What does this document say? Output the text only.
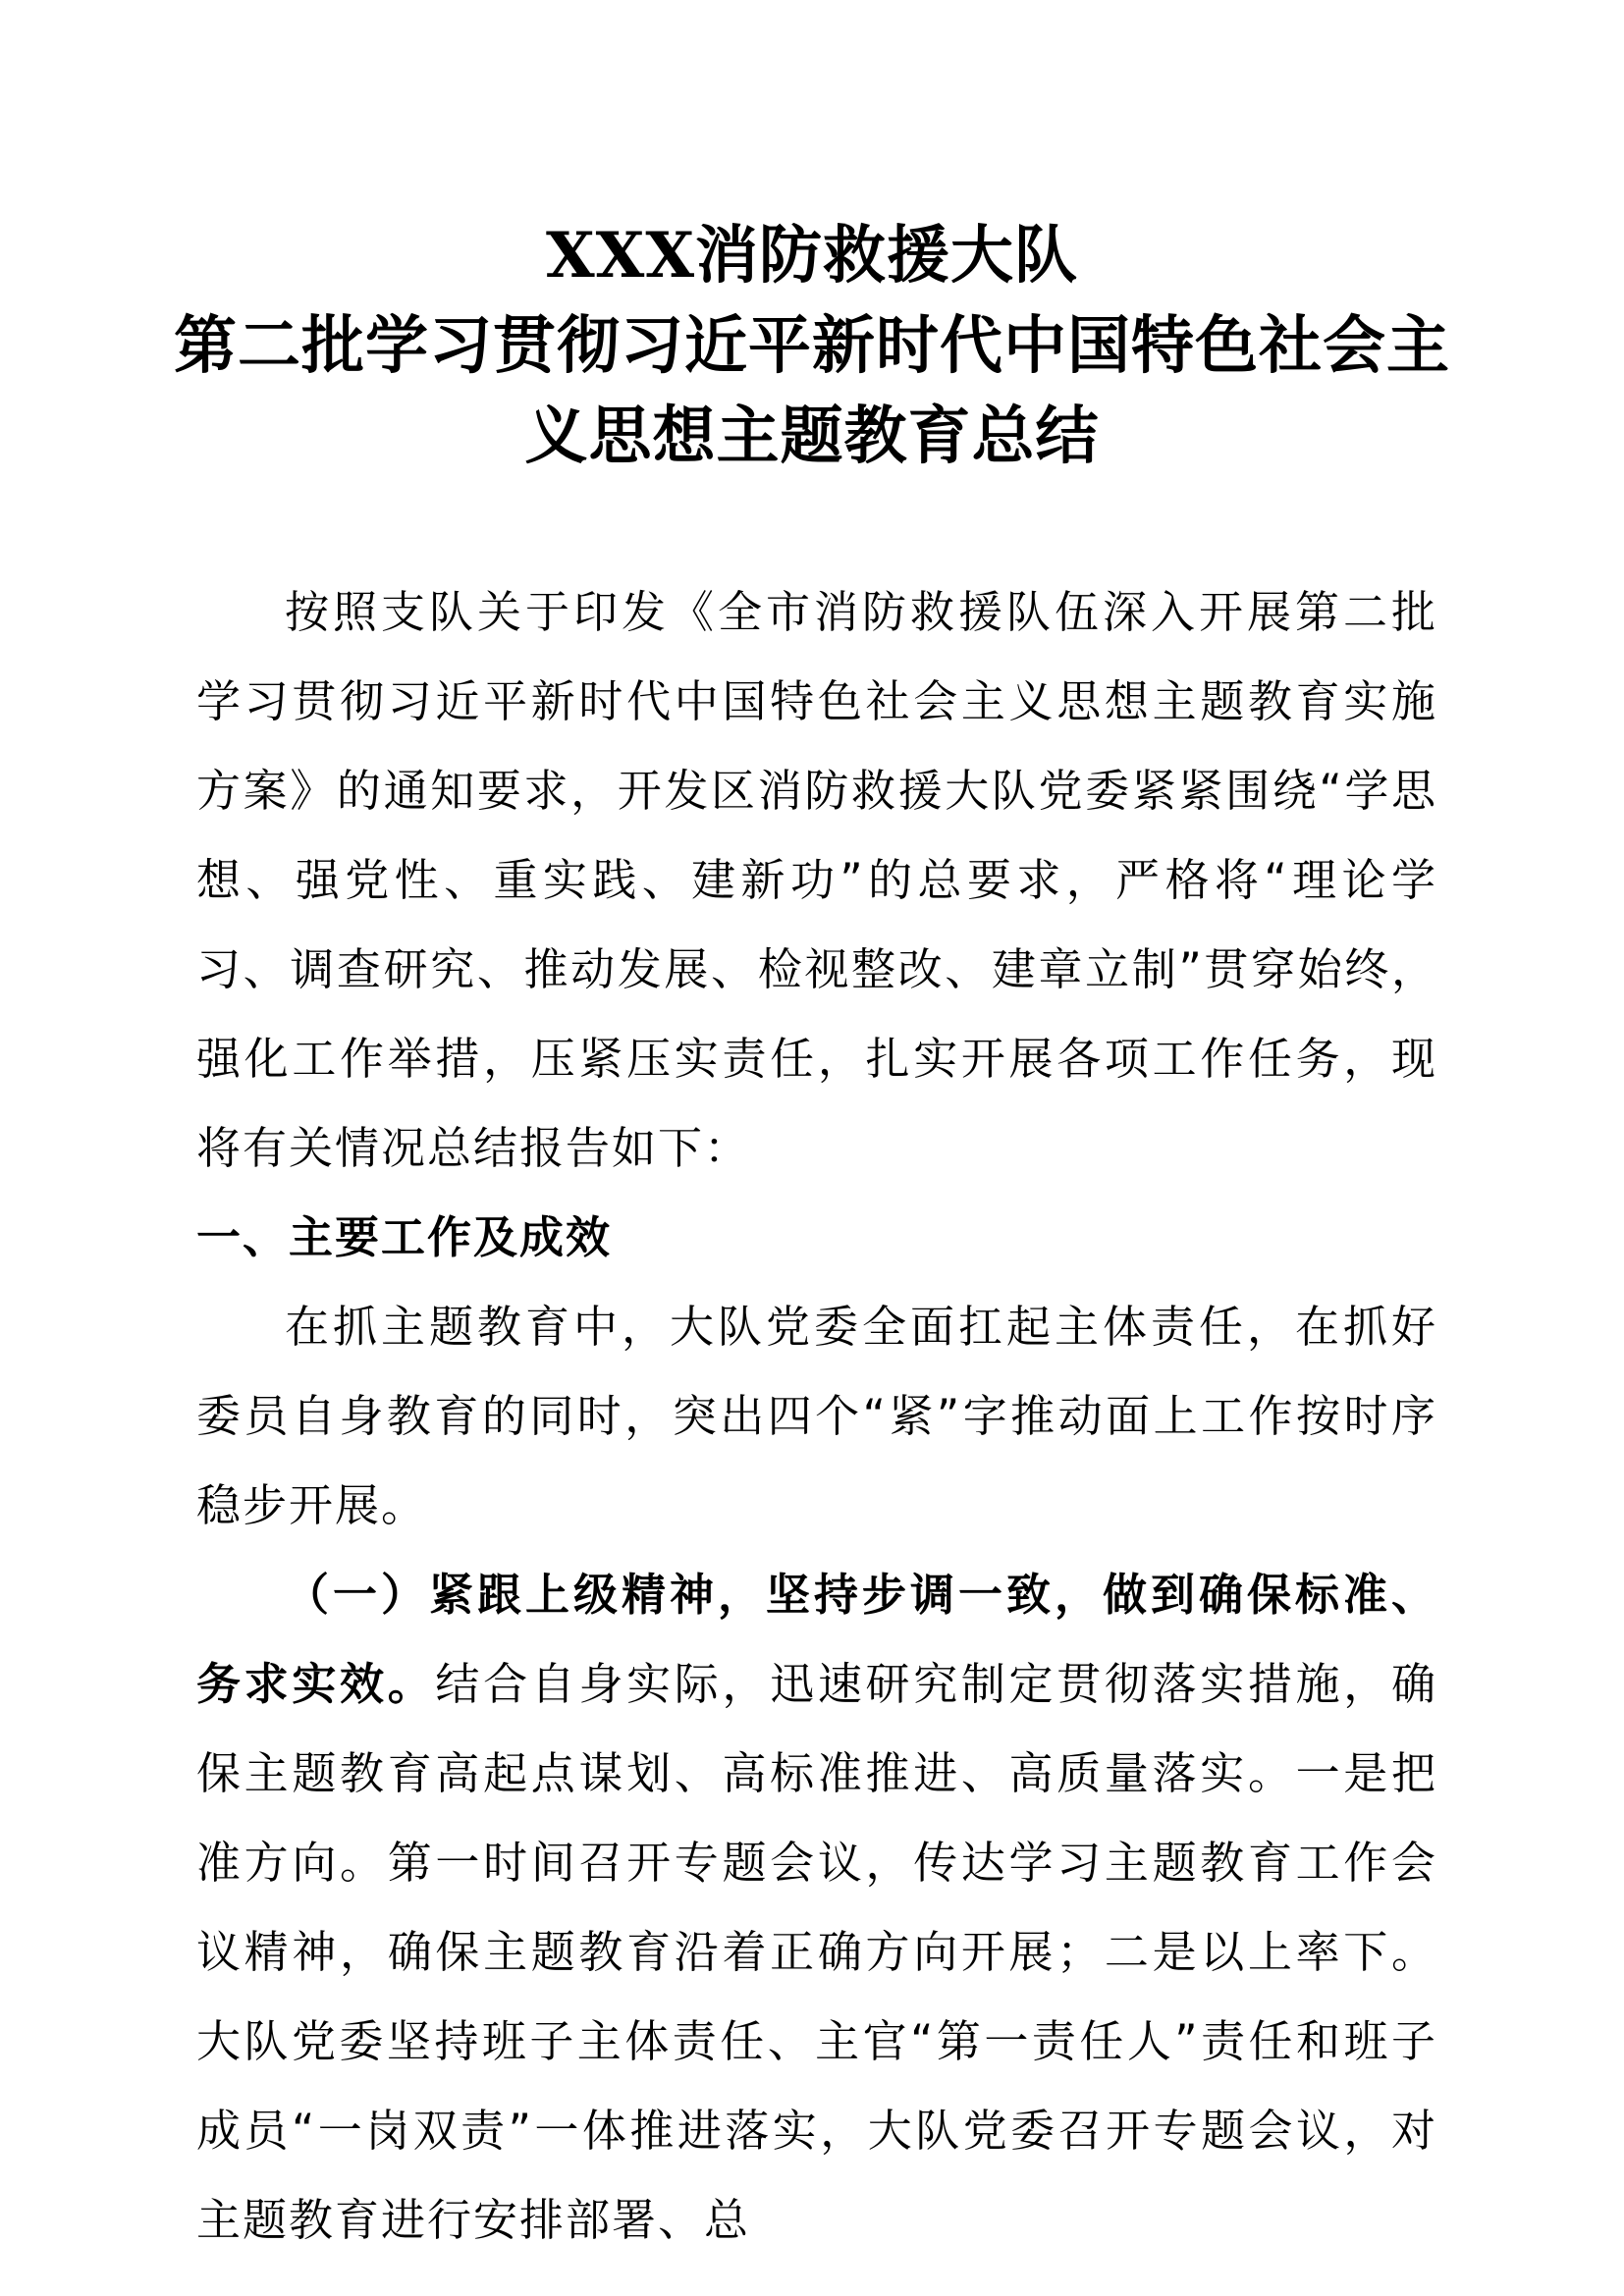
XXX消防救援大队
第二批学习贯彻习近平新时代中国特色社会主
义思想主题教育总结

按照支队关于印发《全市消防救援队伍深入开展第二批学习贯彻习近平新时代中国特色社会主义思想主题教育实施方案》的通知要求，开发区消防救援大队党委紧紧围绕“学思想、强党性、重实践、建新功”的总要求，严格将“理论学习、调查研究、推动发展、检视整改、建章立制”贯穿始终，强化工作举措，压紧压实责任，扎实开展各项工作任务，现将有关情况总结报告如下：

一、主要工作及成效

在抓主题教育中，大队党委全面扛起主体责任，在抓好委员自身教育的同时，突出四个“紧”字推动面上工作按时序稳步开展。

（一）紧跟上级精神，坚持步调一致，做到确保标准、务求实效。结合自身实际，迅速研究制定贯彻落实措施，确保主题教育高起点谋划、高标准推进、高质量落实。一是把准方向。第一时间召开专题会议，传达学习主题教育工作会议精神，确保主题教育沿着正确方向开展；二是以上率下。大队党委坚持班子主体责任、主官“第一责任人”责任和班子成员“一岗双责”一体推进落实，大队党委召开专题会议，对主题教育进行安排部署、总
